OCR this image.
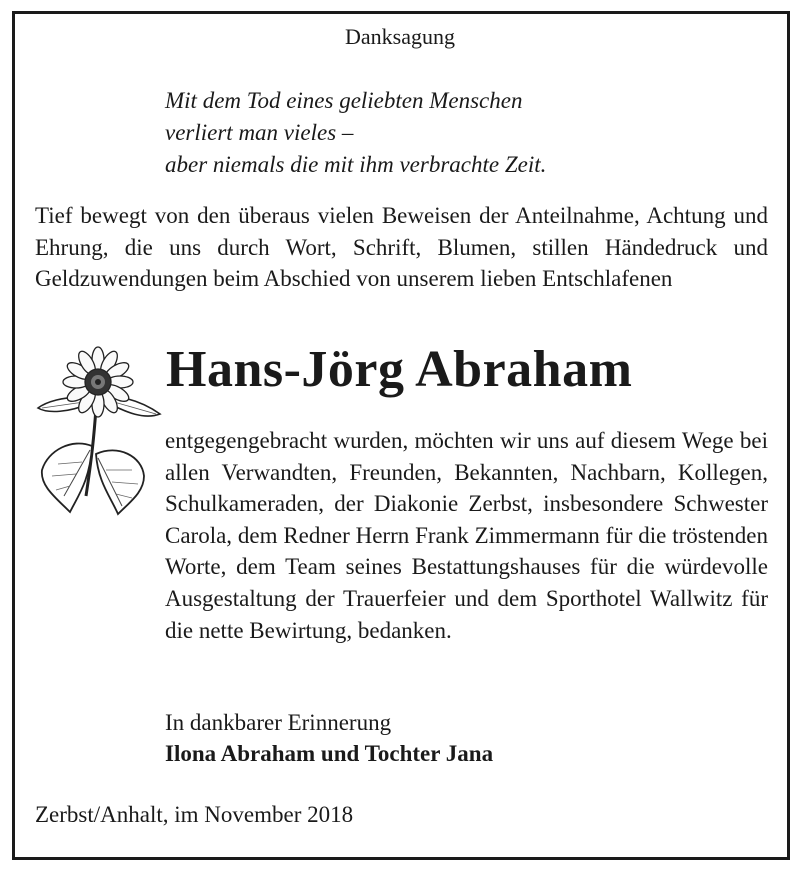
Danksagung
Mit dem Tod eines geliebten Menschen
verliert man vieles –
aber niemals die mit ihm verbrachte Zeit.
Tief bewegt von den überaus vielen Beweisen der Anteilnahme, Achtung und Ehrung, die uns durch Wort, Schrift, Blumen, stillen Händedruck und Geldzuwendungen beim Abschied von unserem lieben Entschlafenen
Hans-Jörg Abraham
entgegengebracht wurden, möchten wir uns auf diesem Wege bei allen Verwandten, Freunden, Bekannten, Nachbarn, Kollegen, Schulkameraden, der Diakonie Zerbst, insbesondere Schwester Carola, dem Redner Herrn Frank Zimmermann für die tröstenden Worte, dem Team seines Bestattungshauses für die würdevolle Ausgestaltung der Trauerfeier und dem Sporthotel Wallwitz für die nette Bewirtung, bedanken.
In dankbarer Erinnerung
Ilona Abraham und Tochter Jana
Zerbst/Anhalt, im November 2018
